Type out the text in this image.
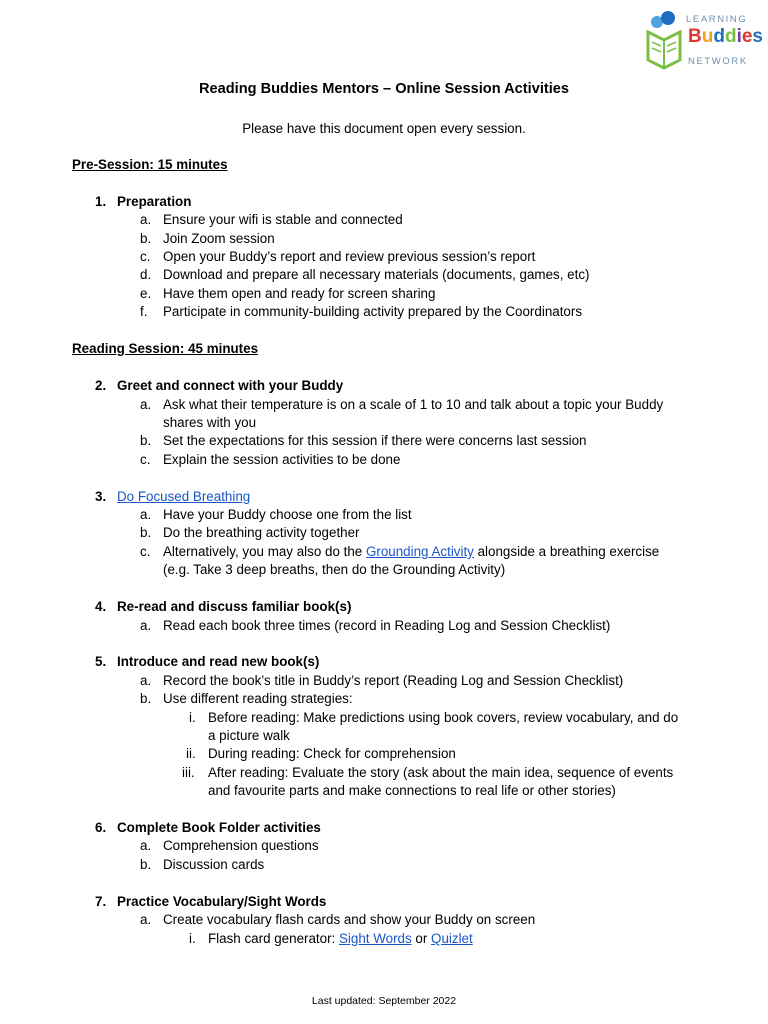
LEARNING
Buddies
NETWORK
Reading Buddies Mentors – Online Session Activities
Please have this document open every session.
Pre-Session: 15 minutes
1. Preparation
a. Ensure your wifi is stable and connected
b. Join Zoom session
c. Open your Buddy’s report and review previous session’s report
d. Download and prepare all necessary materials (documents, games, etc)
e. Have them open and ready for screen sharing
f. Participate in community-building activity prepared by the Coordinators
Reading Session: 45 minutes
2. Greet and connect with your Buddy
a. Ask what their temperature is on a scale of 1 to 10 and talk about a topic your Buddy
shares with you
b. Set the expectations for this session if there were concerns last session
c. Explain the session activities to be done
3. Do Focused Breathing
a. Have your Buddy choose one from the list
b. Do the breathing activity together
c. Alternatively, you may also do the Grounding Activity alongside a breathing exercise
(e.g. Take 3 deep breaths, then do the Grounding Activity)
4. Re-read and discuss familiar book(s)
a. Read each book three times (record in Reading Log and Session Checklist)
5. Introduce and read new book(s)
a. Record the book’s title in Buddy’s report (Reading Log and Session Checklist)
b. Use different reading strategies:
i. Before reading: Make predictions using book covers, review vocabulary, and do
a picture walk
ii. During reading: Check for comprehension
iii. After reading: Evaluate the story (ask about the main idea, sequence of events
and favourite parts and make connections to real life or other stories)
6. Complete Book Folder activities
a. Comprehension questions
b. Discussion cards
7. Practice Vocabulary/Sight Words
a. Create vocabulary flash cards and show your Buddy on screen
i. Flash card generator: Sight Words or Quizlet
Last updated: September 2022
